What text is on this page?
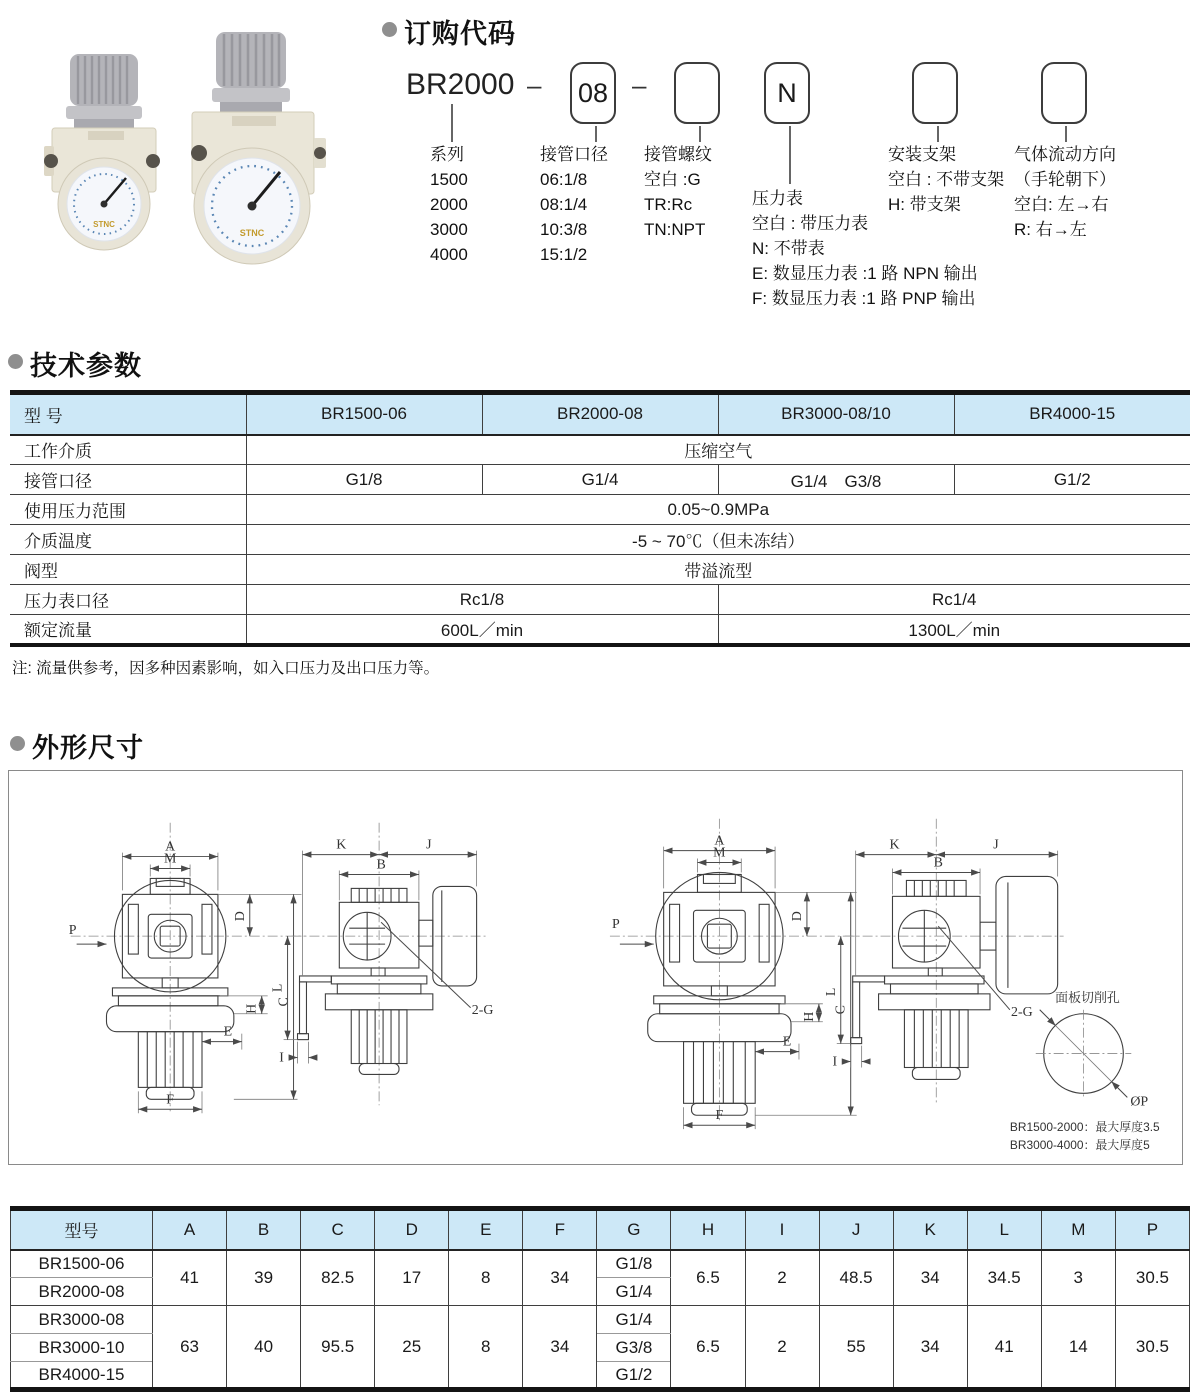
STNC
STNC
订购代码
BR2000 – 08 –	N
系列
1500
2000
3000
4000
接管口径
06:1/8
08:1/4
10:3/8
15:1/2
接管螺纹
空白 :G
TR:Rc
TN:NPT
压力表
空白 : 带压力表
N: 不带表
E: 数显压力表 :1 路 NPN 输出
F: 数显压力表 :1 路 PNP 输出
安装支架
空白 : 不带支架
H: 带支架
气体流动方向
（手轮朝下）
空白: 左→右
R: 右→左
技术参数
型 号	BR1500-06	BR2000-08	BR3000-08/10	BR4000-15
工作介质	压缩空气			
接管口径	G1/8	G1/4	G1/4　G3/8	G1/2
使用压力范围	0.05~0.9MPa			
介质温度	-5 ~ 70℃（但未冻结）			
阀型	带溢流型			
压力表口径	Rc1/8		Rc1/4	
额定流量	600L／min		1300L／min	
注: 流量供参考，因多种因素影响，如入口压力及出口压力等。
外形尺寸
A
M
D
C
H
E
F
P
K	J
B
L
I
2-G
A
M
D
C
H
E
F
P
K	J
B
L
I
2-G
面板切削孔
ØP
BR1500-2000：最大厚度3.5
BR3000-4000：最大厚度5
型号	A	B	C	D	E	F	G	H	I	J	K	L	M	P
BR1500-06	41	39	82.5	17	8	34	G1/8	6.5	2	48.5	34	34.5	3	30.5
BR2000-08							G1/4							
BR3000-08	63	40	95.5	25	8	34	G1/4	6.5	2	55	34	41	14	30.5
BR3000-10							G3/8							
BR4000-15							G1/2							
